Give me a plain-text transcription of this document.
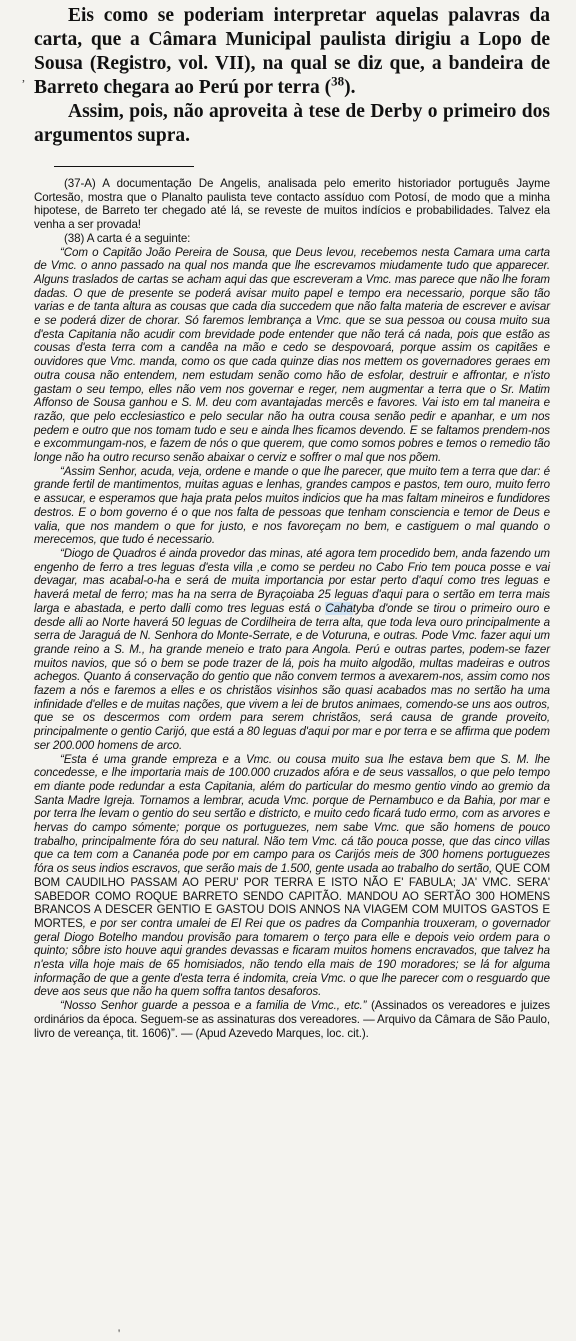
,
'

Eis como se poderiam interpretar aquelas palavras da carta, que a Câmara Municipal paulista dirigiu a Lopo de Sousa (Registro, vol. VII), na qual se diz que, a bandeira de Barreto chegara ao Perú por terra ($^{38}$).

Assim, pois, não aproveita à tese de Derby o primeiro dos argumentos supra.

(37-A) A documentação De Angelis, analisada pelo emerito historiador português Jayme Cortesão, mostra que o Planalto paulista teve contacto assíduo com Potosí, de modo que a minha hipotese, de Barreto ter chegado até lá, se reveste de muitos indícios e probabilidades. Talvez ela venha a ser provada!

(38) A carta é a seguinte:

“Com o Capitão João Pereira de Sousa, que Deus levou, recebemos nesta Camara uma carta de Vmc. o anno passado na qual nos manda que lhe escrevamos miudamente tudo que apparecer. Alguns traslados de cartas se acham aqui das que escreveram a Vmc. mas parece que não lhe foram dadas. O que de presente se poderá avisar muito papel e tempo era necessario, porque são tão varias e de tanta altura as cousas que cada dia succedem que não falta materia de escrever e avisar e se poderá dizer de chorar. Só faremos lembrança a Vmc. que se sua pessoa ou cousa muito sua d'esta Capitania não acudir com brevidade pode entender que não terá cá nada, pois que estão as cousas d'esta terra com a candêa na mão e cedo se despovoará, porque assim os capitães e ouvidores que Vmc. manda, como os que cada quinze dias nos mettem os governadores geraes em outra cousa não entendem, nem estudam senão como hão de esfolar, destruir e affrontar, e n'isto gastam o seu tempo, elles não vem nos governar e reger, nem augmentar a terra que o Sr. Matim Affonso de Sousa ganhou e S. M. deu com avantajadas mercês e favores. Vai isto em tal maneira e razão, que pelo ecclesiastico e pelo secular não ha outra cousa senão pedir e apanhar, e um nos pedem e outro que nos tomam tudo e seu e ainda lhes ficamos devendo. E se faltamos prendem-nos e excommungam-nos, e fazem de nós o que querem, que como somos pobres e temos o remedio tão longe não ha outro recurso senão abaixar o cerviz e soffrer o mal que nos põem.

“Assim Senhor, acuda, veja, ordene e mande o que lhe parecer, que muito tem a terra que dar: é grande fertil de mantimentos, muitas aguas e lenhas, grandes campos e pastos, tem ouro, muito ferro e assucar, e esperamos que haja prata pelos muitos indicios que ha mas faltam mineiros e fundidores destros. E o bom governo é o que nos falta de pessoas que tenham consciencia e temor de Deus e valia, que nos mandem o que for justo, e nos favoreçam no bem, e castiguem o mal quando o merecemos, que tudo é necessario.

“Diogo de Quadros é ainda provedor das minas, até agora tem procedido bem, anda fazendo um engenho de ferro a tres leguas d'esta villa ,e como se perdeu no Cabo Frio tem pouca posse e vai devagar, mas acabal-o-ha e será de muita importancia por estar perto d'aquí como tres leguas e haverá metal de ferro; mas ha na serra de Byraçoiaba 25 leguas d'aqui para o sertão em terra mais larga e abastada, e perto dalli como tres leguas está o Cahatyba d'onde se tirou o primeiro ouro e desde alli ao Norte haverá 50 leguas de Cordilheira de terra alta, que toda leva ouro principalmente a serra de Jaraguá de N. Senhora do Monte-Serrate, e de Voturuna, e outras. Pode Vmc. fazer aqui um grande reino a S. M., ha grande meneio e trato para Angola. Perú e outras partes, podem-se fazer muitos navios, que só o bem se pode trazer de lá, pois ha muito algodão, multas madeiras e outros achegos. Quanto á conservação do gentio que não convem termos a avexarem-nos, assim como nos fazem a nós e faremos a elles e os christãos visinhos são quasi acabados mas no sertão ha uma infinidade d'elles e de muitas nações, que vivem a lei de brutos animaes, comendo-se uns aos outros, que se os descermos com ordem para serem christãos, será causa de grande proveito, principalmente o gentio Carijó, que está a 80 leguas d'aqui por mar e por terra e se affirma que podem ser 200.000 homens de arco.

“Esta é uma grande empreza e a Vmc. ou cousa muito sua lhe estava bem que S. M. lhe concedesse, e lhe importaria mais de 100.000 cruzados afóra e de seus vassallos, o que pelo tempo em diante pode redundar a esta Capitania, além do particular do mesmo gentio vindo ao gremio da Santa Madre Igreja. Tornamos a lembrar, acuda Vmc. porque de Pernambuco e da Bahia, por mar e por terra lhe levam o gentio do seu sertão e districto, e muito cedo ficará tudo ermo, com as arvores e hervas do campo sómente; porque os portuguezes, nem sabe Vmc. que são homens de pouco trabalho, principalmente fóra do seu natural. Não tem Vmc. cá tão pouca posse, que das cinco villas que ca tem com a Cananéa pode por em campo para os Carijós meis de 300 homens portuguezes fóra os seus indios escravos, que serão mais de 1.500, gente usada ao trabalho do sertão, QUE COM BOM CAUDILHO PASSAM AO PERU' POR TERRA E ISTO NÃO E' FABULA; JA' VMC. SERA' SABEDOR COMO ROQUE BARRETO SENDO CAPITÃO. MANDOU AO SERTÃO 300 HOMENS BRANCOS A DESCER GENTIO E GASTOU DOIS ANNOS NA VIAGEM COM MUITOS GASTOS E MORTES, e por ser contra umalei de El Rei que os padres da Companhia trouxeram, o governador geral Diogo Botelho mandou provisão para tomarem o terço para elle e depois veio ordem para o quinto; sôbre isto houve aqui grandes devassas e ficaram muitos homens encravados, que talvez ha n'esta villa hoje mais de 65 homisiados, não tendo ella mais de 190 moradores; se lá for alguma informação de que a gente d'esta terra é indomita, creia Vmc. o que lhe parecer com o resguardo que deve aos seus que não ha quem soffra tantos desaforos.

“Nosso Senhor guarde a pessoa e a familia de Vmc., etc.” (Assinados os vereadores e juizes ordinários da época. Seguem-se as assinaturas dos vereadores. — Arquivo da Câmara de São Paulo, livro de vereança, tit. 1606)”. — (Apud Azevedo Marques, loc. cit.).
